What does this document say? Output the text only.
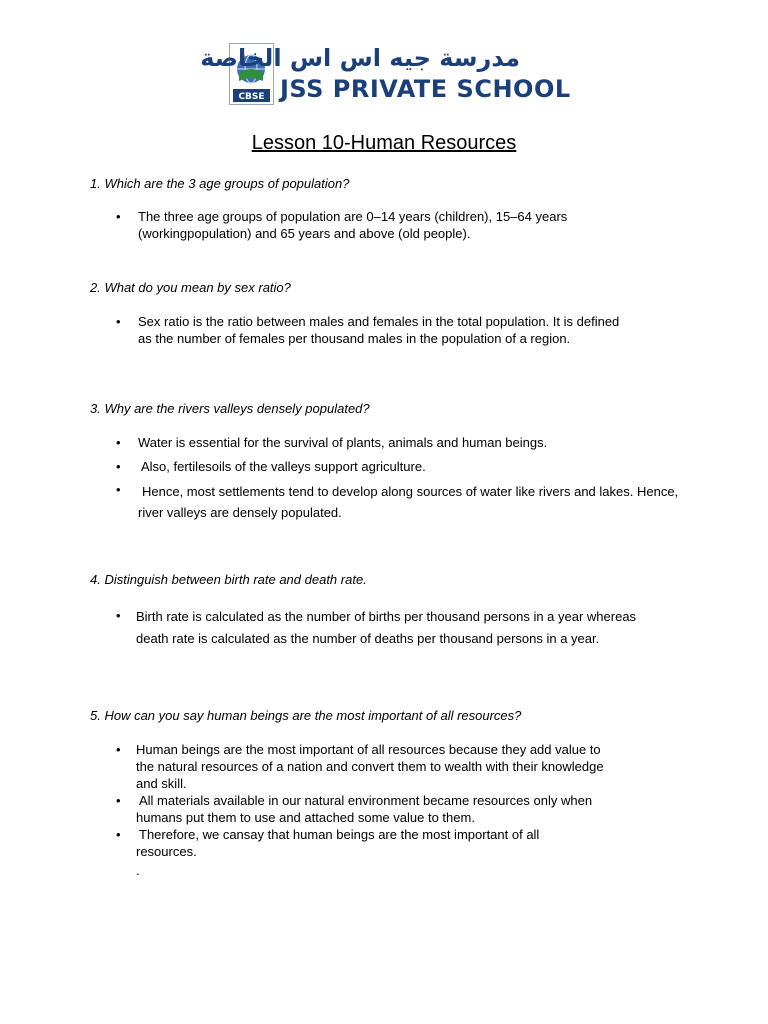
CBSE
مدرسة جيه اس اس الخاصة
JSS PRIVATE SCHOOL
Lesson 10-Human Resources
1. Which are the 3 age groups of population?
• The three age groups of population are 0–14 years (children), 15–64 years (workingpopulation) and 65 years and above (old people).
2. What do you mean by sex ratio?
• Sex ratio is the ratio between males and females in the total population. It is defined as the number of females per thousand males in the population of a region.
3. Why are the rivers valleys densely populated?
• Water is essential for the survival of plants, animals and human beings.
• Also, fertilesoils of the valleys support agriculture.
•	Hence, most settlements tend to develop along sources of water like rivers and lakes. Hence, river valleys are densely populated.
4. Distinguish between birth rate and death rate.
• Birth rate is calculated as the number of births per thousand persons in a year whereas death rate is calculated as the number of deaths per thousand persons in a year.
5. How can you say human beings are the most important of all resources?
• Human beings are the most important of all resources because they add value to the natural resources of a nation and convert them to wealth with their knowledge and skill.
• All materials available in our natural environment became resources only when humans put them to use and attached some value to them.
• Therefore, we cansay that human beings are the most important of all resources.
.
